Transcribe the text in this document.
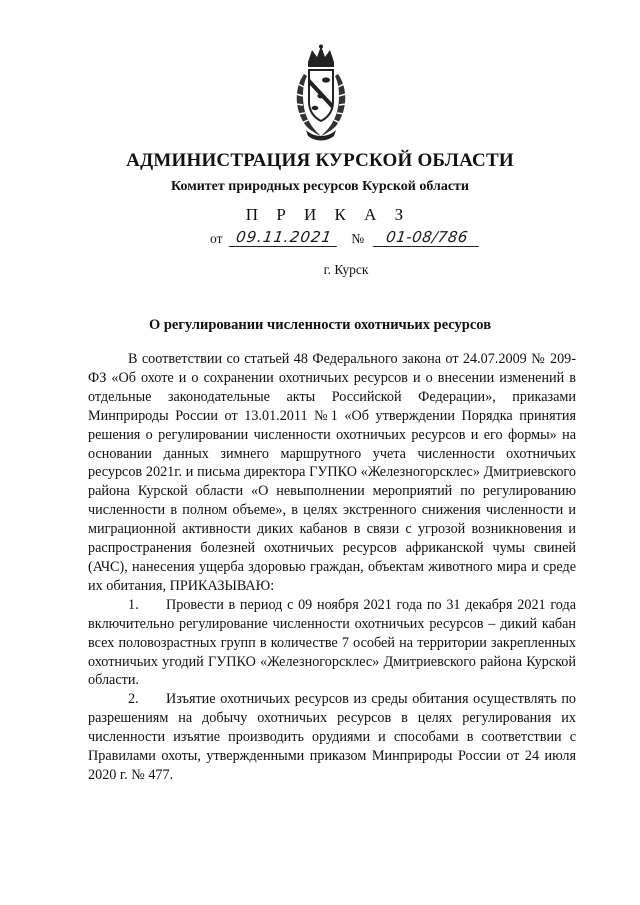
АДМИНИСТРАЦИЯ КУРСКОЙ ОБЛАСТИ
Комитет природных ресурсов Курской области
П Р И К А З
от 09.11.2021 № 01-08/786
г. Курск
О регулировании численности охотничьих ресурсов

В соответствии со статьей 48 Федерального закона от 24.07.2009 № 209-ФЗ «Об охоте и о сохранении охотничьих ресурсов и о внесении изменений в отдельные законодательные акты Российской Федерации», приказами Минприроды России от 13.01.2011 №1 «Об утверждении Порядка принятия решения о регулировании численности охотничьих ресурсов и его формы» на основании данных зимнего маршрутного учета численности охотничьих ресурсов 2021г. и письма директора ГУПКО «Железногорсклес» Дмитриевского района Курской области «О невыполнении мероприятий по регулированию численности в полном объеме», в целях экстренного снижения численности и миграционной активности диких кабанов в связи с угрозой возникновения и распространения болезней охотничьих ресурсов африканской чумы свиней (АЧС), нанесения ущерба здоровью граждан, объектам животного мира и среде их обитания, ПРИКАЗЫВАЮ:

1. Провести в период с 09 ноября 2021 года по 31 декабря 2021 года включительно регулирование численности охотничьих ресурсов – дикий кабан всех половозрастных групп в количестве 7 особей на территории закрепленных охотничьих угодий ГУПКО «Железногорсклес» Дмитриевского района Курской области.

2. Изъятие охотничьих ресурсов из среды обитания осуществлять по разрешениям на добычу охотничьих ресурсов в целях регулирования их численности изъятие производить орудиями и способами в соответствии с Правилами охоты, утвержденными приказом Минприроды России от 24 июля 2020 г. № 477.
